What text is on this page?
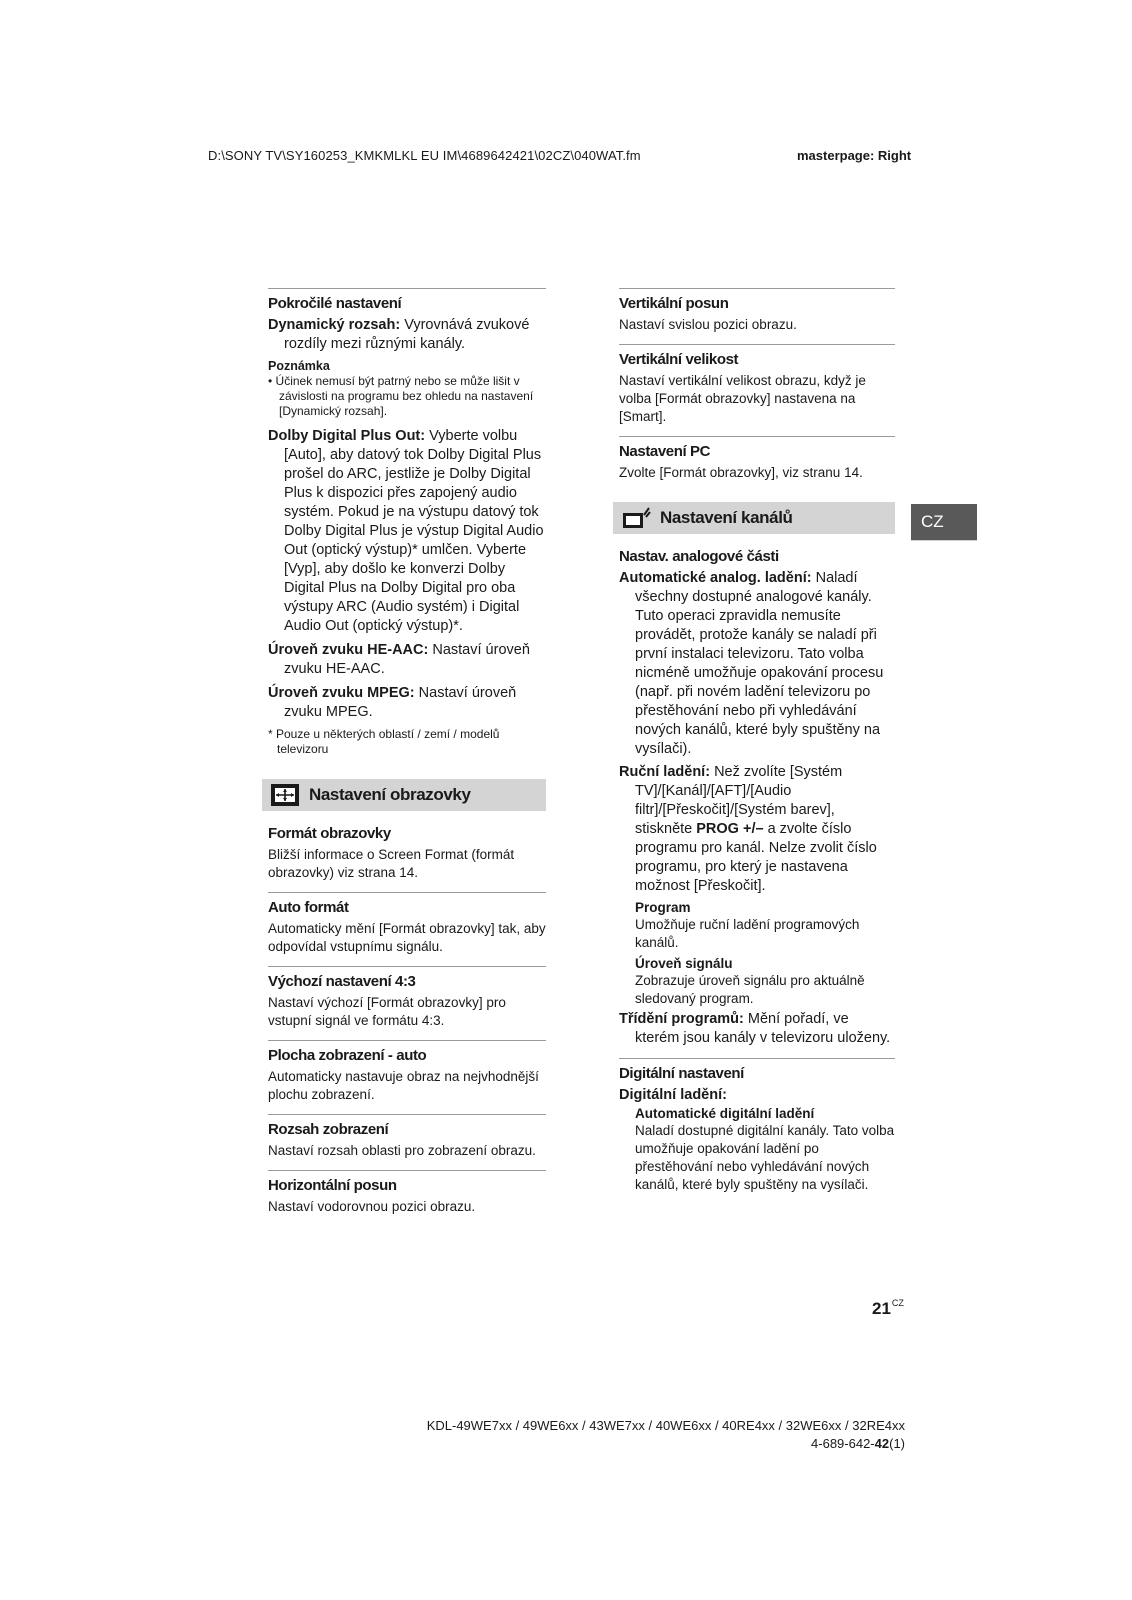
D:\SONY TV\SY160253_KMKMLKL EU IM\4689642421\02CZ\040WAT.fm	masterpage: Right
Pokročilé nastavení

Dynamický rozsah: Vyrovnává zvukové rozdíly mezi různými kanály.

Poznámka

• Účinek nemusí být patrný nebo se může lišit v závislosti na programu bez ohledu na nastavení [Dynamický rozsah].

Dolby Digital Plus Out: Vyberte volbu [Auto], aby datový tok Dolby Digital Plus prošel do ARC, jestliže je Dolby Digital Plus k dispozici přes zapojený audio systém. Pokud je na výstupu datový tok Dolby Digital Plus je výstup Digital Audio Out (optický výstup)* umlčen. Vyberte [Vyp], aby došlo ke konverzi Dolby Digital Plus na Dolby Digital pro oba výstupy ARC (Audio systém) i Digital Audio Out (optický výstup)*.

Úroveň zvuku HE-AAC: Nastaví úroveň zvuku HE-AAC.

Úroveň zvuku MPEG: Nastaví úroveň zvuku MPEG.

* Pouze u některých oblastí / zemí / modelů televizoru

Nastavení obrazovky
Formát obrazovky
Bližší informace o Screen Format (formát obrazovky) viz strana 14.
Auto formát
Automaticky mění [Formát obrazovky] tak, aby odpovídal vstupnímu signálu.
Výchozí nastavení 4:3
Nastaví výchozí [Formát obrazovky] pro vstupní signál ve formátu 4:3.
Plocha zobrazení - auto
Automaticky nastavuje obraz na nejvhodnější plochu zobrazení.
Rozsah zobrazení
Nastaví rozsah oblasti pro zobrazení obrazu.
Horizontální posun
Nastaví vodorovnou pozici obrazu.
Vertikální posun
Nastaví svislou pozici obrazu.
Vertikální velikost
Nastaví vertikální velikost obrazu, když je volba [Formát obrazovky] nastavena na [Smart].
Nastavení PC
Zvolte [Formát obrazovky], viz stranu 14.
Nastavení kanálů
Nastav. analogové části

Automatické analog. ladění: Naladí všechny dostupné analogové kanály. Tuto operaci zpravidla nemusíte provádět, protože kanály se naladí při první instalaci televizoru. Tato volba nicméně umožňuje opakování procesu (např. při novém ladění televizoru po přestěhování nebo při vyhledávání nových kanálů, které byly spuštěny na vysílači).

Ruční ladění: Než zvolíte [Systém TV]/[Kanál]/[AFT]/[Audio filtr]/[Přeskočit]/[Systém barev], stiskněte PROG +/– a zvolte číslo programu pro kanál. Nelze zvolit číslo programu, pro který je nastavena možnost [Přeskočit].

Program
Umožňuje ruční ladění programových kanálů.
Úroveň signálu
Zobrazuje úroveň signálu pro aktuálně sledovaný program.

Třídění programů: Mění pořadí, ve kterém jsou kanály v televizoru uloženy.

Digitální nastavení

Digitální ladění:

Automatické digitální ladění
Naladí dostupné digitální kanály. Tato volba umožňuje opakování ladění po přestěhování nebo vyhledávání nových kanálů, které byly spuštěny na vysílači.
CZ
$21^{CZ}$
KDL-49WE7xx / 49WE6xx / 43WE7xx / 40WE6xx / 40RE4xx / 32WE6xx / 32RE4xx
4-689-642-42(1)
